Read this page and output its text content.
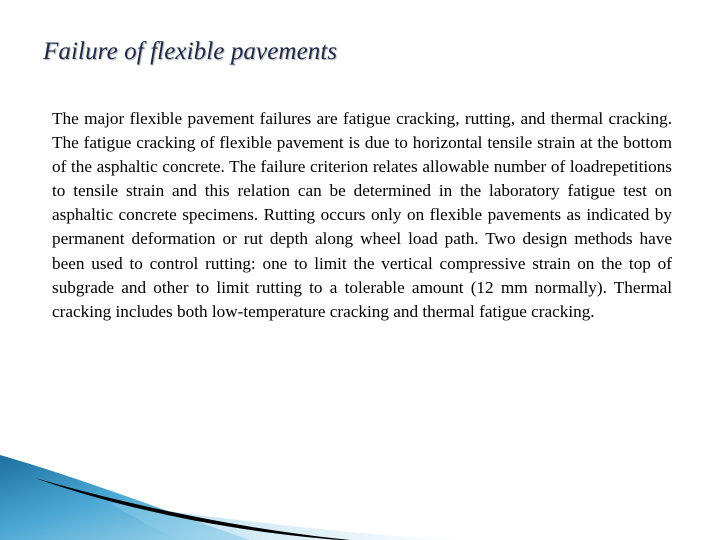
Failure of flexible pavements

The major flexible pavement failures are fatigue cracking, rutting, and thermal cracking. The fatigue cracking of flexible pavement is due to horizontal tensile strain at the bottom of the asphaltic concrete. The failure criterion relates allowable number of loadrepetitions to tensile strain and this relation can be determined in the laboratory fatigue test on asphaltic concrete specimens. Rutting occurs only on flexible pavements as indicated by permanent deformation or rut depth along wheel load path. Two design methods have been used to control rutting: one to limit the vertical compressive strain on the top of subgrade and other to limit rutting to a tolerable amount (12 mm normally). Thermal cracking includes both low-temperature cracking and thermal fatigue cracking.
